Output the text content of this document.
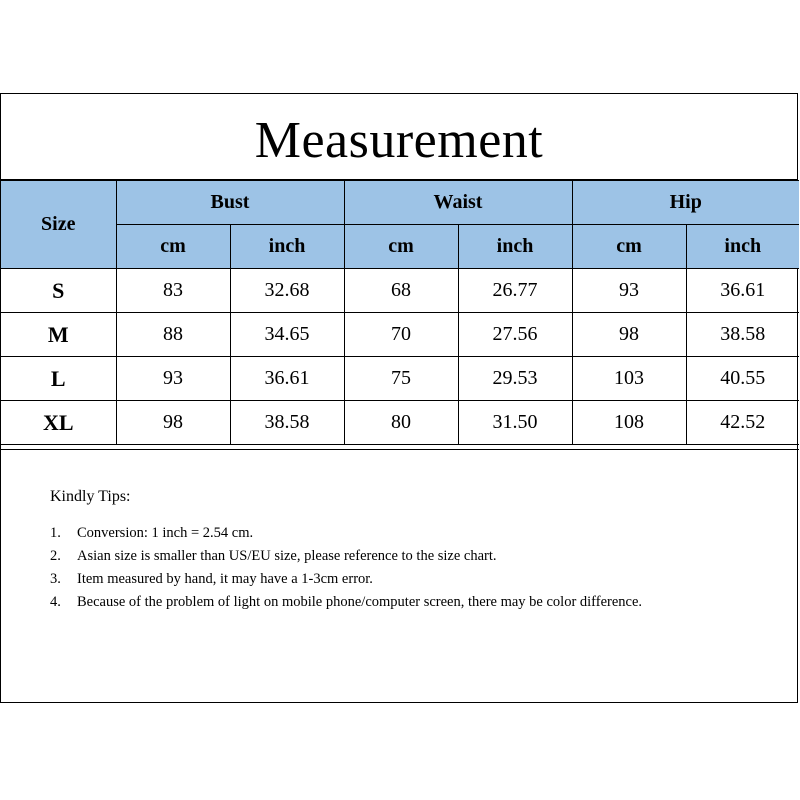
Measurement
Size	Bust		Waist		Hip	
	cm	inch	cm	inch	cm	inch
S	83	32.68	68	26.77	93	36.61
M	88	34.65	70	27.56	98	38.58
L	93	36.61	75	29.53	103	40.55
XL	98	38.58	80	31.50	108	42.52

Kindly Tips:
1.	Conversion: 1 inch = 2.54 cm.
2.	Asian size is smaller than US/EU size, please reference to the size chart.
3.	Item measured by hand, it may have a 1-3cm error.
4.	Because of the problem of light on mobile phone/computer screen, there may be color difference.
